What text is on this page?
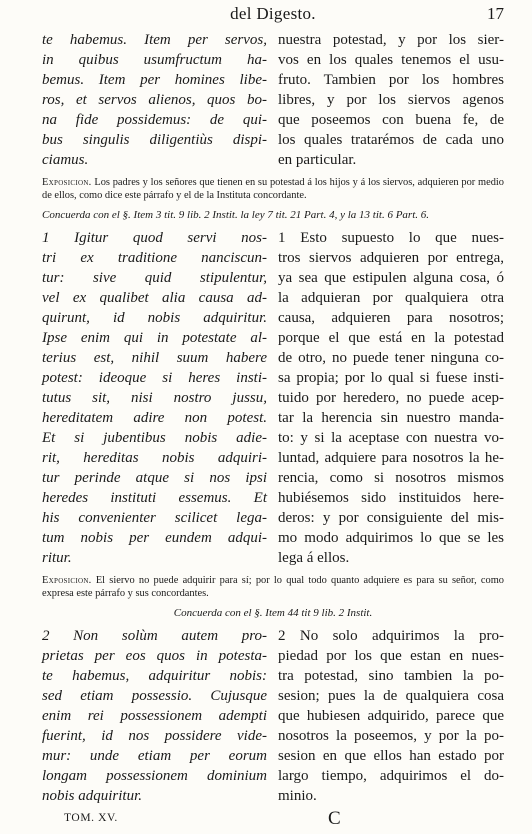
del Digesto.	17
te habemus. Item per servos,
in quibus usumfructum ha-
bemus. Item per homines libe-
ros, et servos alienos, quos bo-
na fide possidemus: de qui-
bus singulis diligentiùs dispi-
ciamus.
nuestra potestad, y por los sier-
vos en los quales tenemos el usu-
fruto. Tambien por los hombres
libres, y por los siervos agenos
que poseemos con buena fe, de
los quales tratarémos de cada uno
en particular.
Exposicion. Los padres y los señores que tienen en su potestad á los hijos y á los siervos, adquieren por medio de ellos, como dice este párrafo y el de la Instituta concordante.
Concuerda con el §. Item 3 tit. 9 lib. 2 Instit. la ley 7 tit. 21 Part. 4, y la 13 tit. 6 Part. 6.
1 Igitur quod servi nos-
tri ex traditione nanciscun-
tur: sive quid stipulentur,
vel ex qualibet alia causa ad-
quirunt, id nobis adquiritur.
Ipse enim qui in potestate al-
terius est, nihil suum habere
potest: ideoque si heres insti-
tutus sit, nisi nostro jussu,
hereditatem adire non potest.
Et si jubentibus nobis adie-
rit, hereditas nobis adquiri-
tur perinde atque si nos ipsi
heredes instituti essemus. Et
his convenienter scilicet lega-
tum nobis per eundem adqui-
ritur.
1 Esto supuesto lo que nues-
tros siervos adquieren por entrega,
ya sea que estipulen alguna cosa, ó
la adquieran por qualquiera otra
causa, adquieren para nosotros;
porque el que está en la potestad
de otro, no puede tener ninguna co-
sa propia; por lo qual si fuese insti-
tuido por heredero, no puede acep-
tar la herencia sin nuestro manda-
to: y si la aceptase con nuestra vo-
luntad, adquiere para nosotros la he-
rencia, como si nosotros mismos
hubiésemos sido instituidos here-
deros: y por consiguiente del mis-
mo modo adquirimos lo que se les
lega á ellos.
Exposicion. El siervo no puede adquirir para sí; por lo qual todo quanto adquiere es para su señor, como expresa este párrafo y sus concordantes.
Concuerda con el §. Item 44 tit 9 lib. 2 Instit.
2 Non solùm autem pro-
prietas per eos quos in potesta-
te habemus, adquiritur nobis:
sed etiam possessio. Cujusque
enim rei possessionem adempti
fuerint, id nos possidere vide-
mur: unde etiam per eorum
longam possessionem dominium
nobis adquiritur.
2 No solo adquirimos la pro-
piedad por los que estan en nues-
tra potestad, sino tambien la po-
sesion; pues la de qualquiera cosa
que hubiesen adquirido, parece que
nosotros la poseemos, y por la po-
sesion en que ellos han estado por
largo tiempo, adquirimos el do-
minio.
TOM. XV.	C
